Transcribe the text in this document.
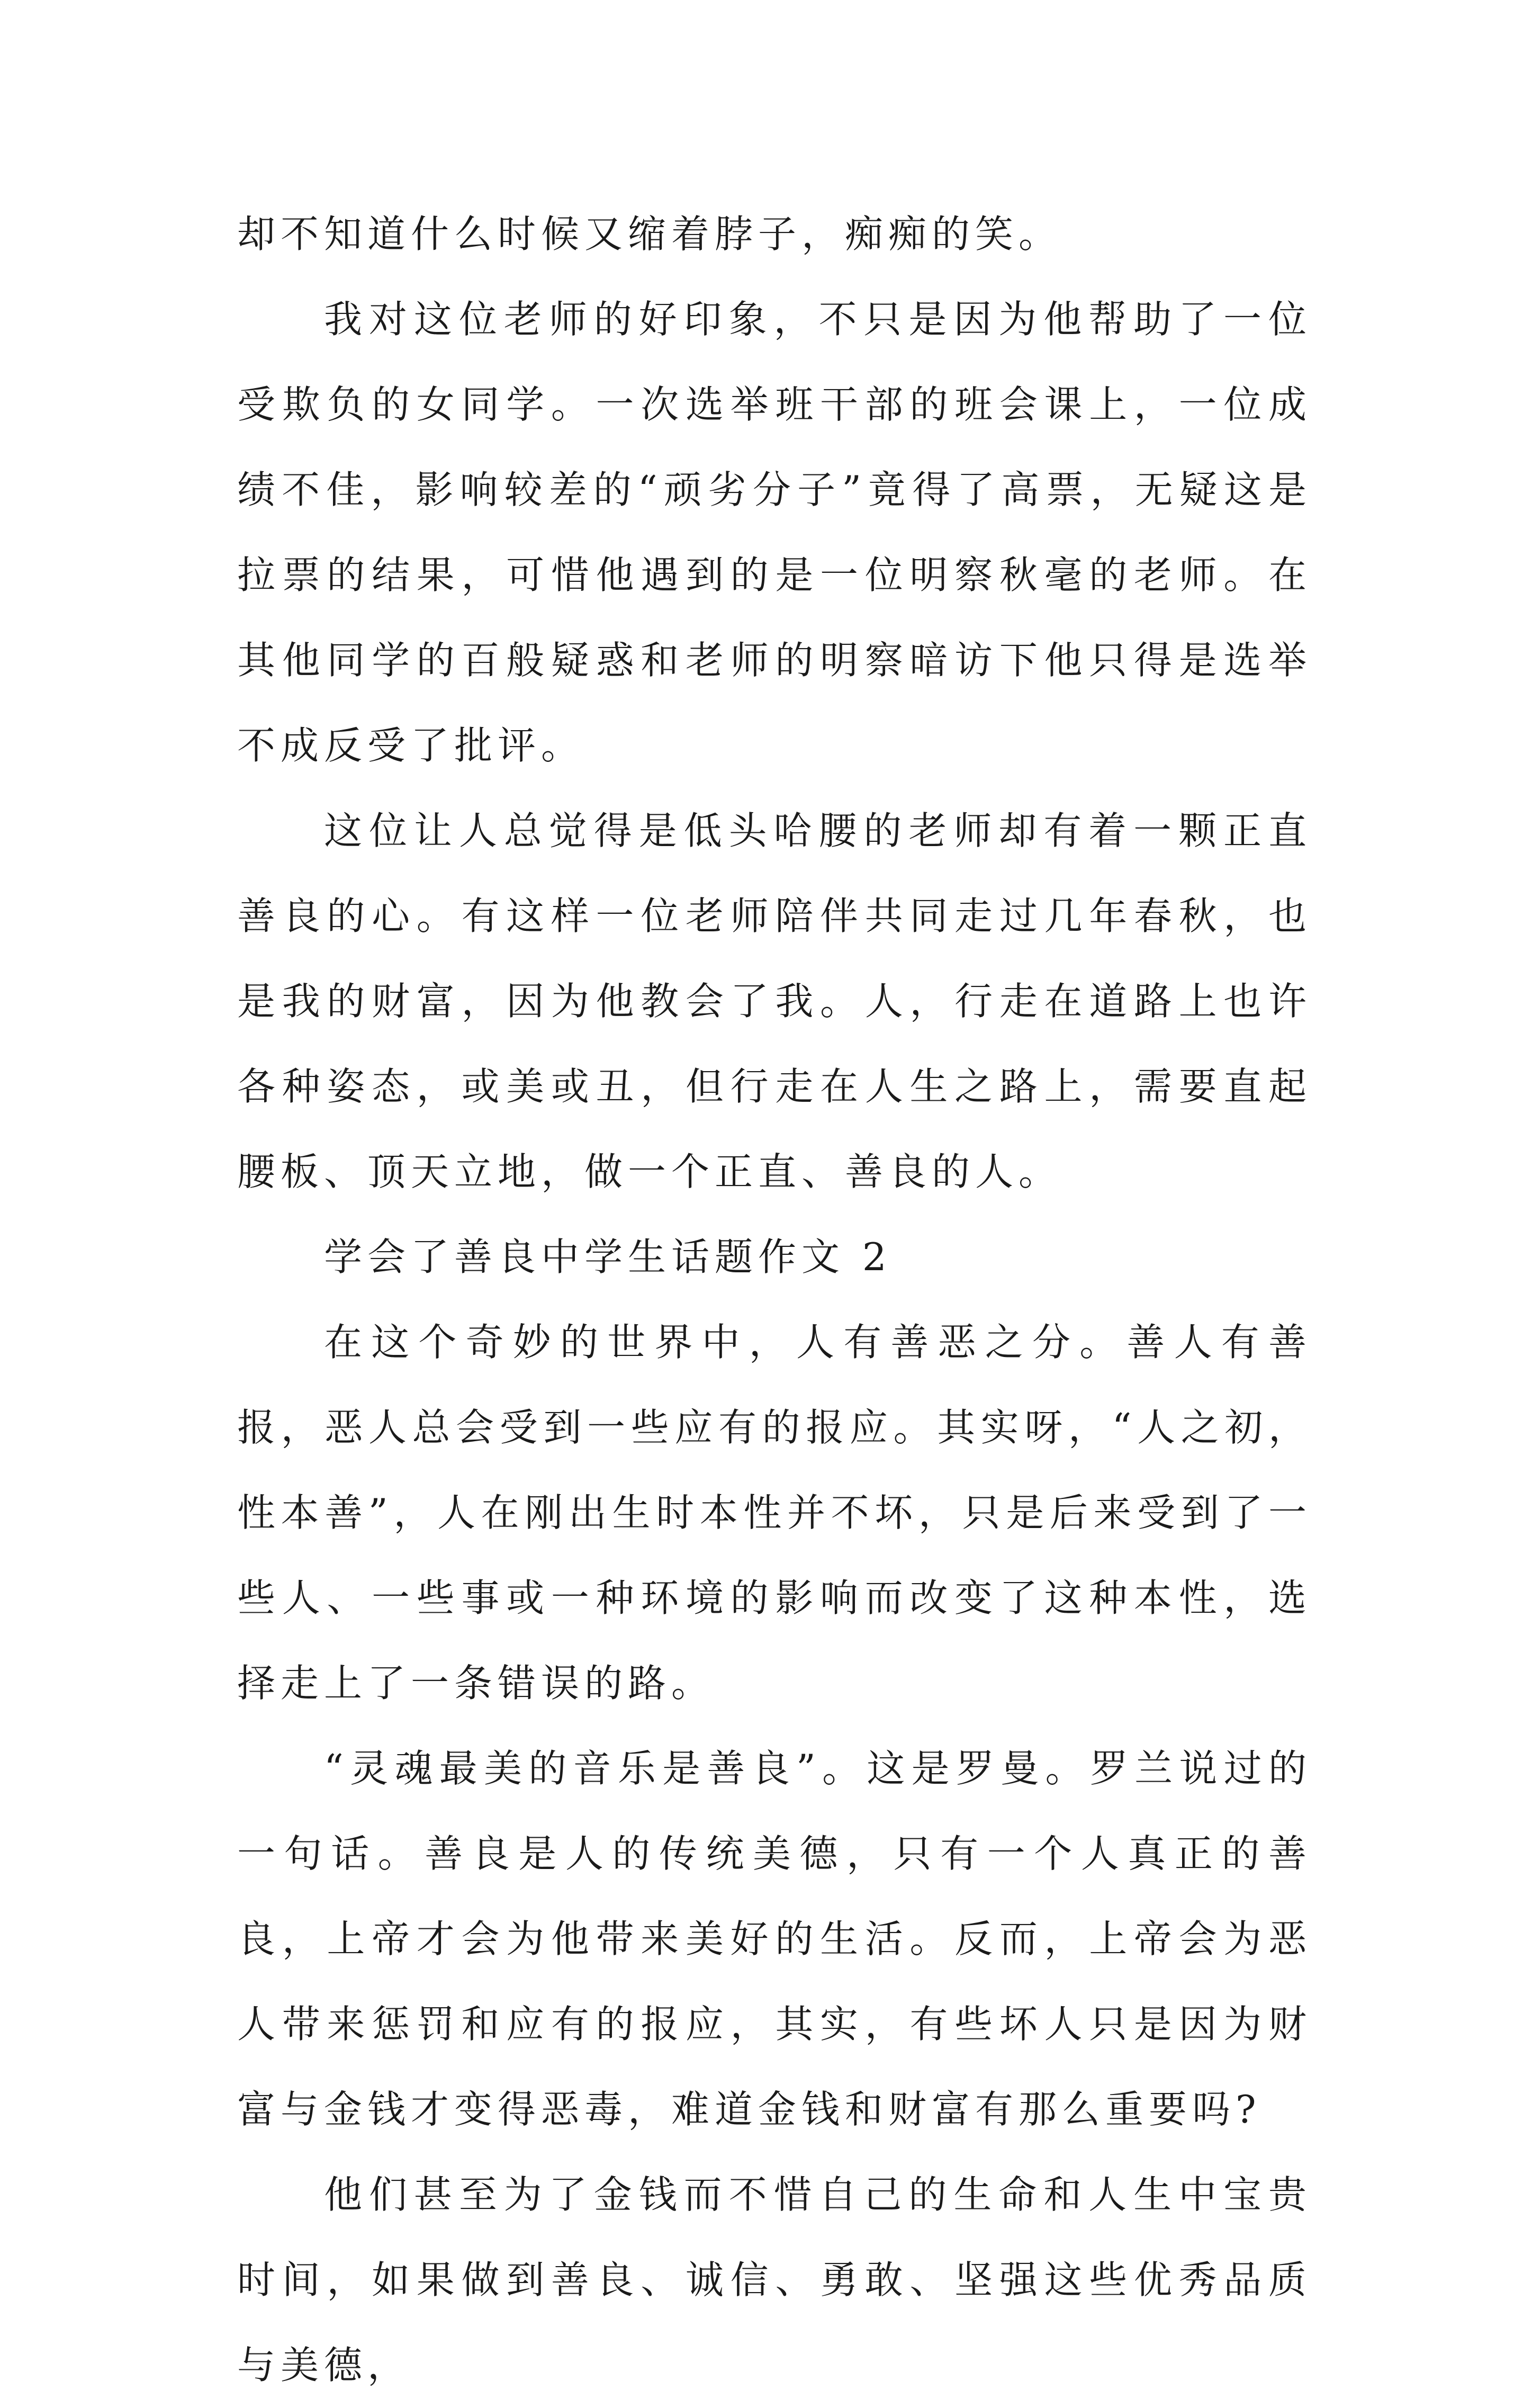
却不知道什么时候又缩着脖子，痴痴的笑。

我对这位老师的好印象，不只是因为他帮助了一位受欺负的女同学。一次选举班干部的班会课上，一位成绩不佳，影响较差的“顽劣分子”竟得了高票，无疑这是拉票的结果，可惜他遇到的是一位明察秋毫的老师。在其他同学的百般疑惑和老师的明察暗访下他只得是选举不成反受了批评。

这位让人总觉得是低头哈腰的老师却有着一颗正直善良的心。有这样一位老师陪伴共同走过几年春秋，也是我的财富，因为他教会了我。人，行走在道路上也许各种姿态，或美或丑，但行走在人生之路上，需要直起腰板、顶天立地，做一个正直、善良的人。

学会了善良中学生话题作文 2

在这个奇妙的世界中，人有善恶之分。善人有善报，恶人总会受到一些应有的报应。其实呀，“人之初，性本善”，人在刚出生时本性并不坏，只是后来受到了一些人、一些事或一种环境的影响而改变了这种本性，选择走上了一条错误的路。

“灵魂最美的音乐是善良”。这是罗曼。罗兰说过的一句话。善良是人的传统美德，只有一个人真正的善良，上帝才会为他带来美好的生活。反而，上帝会为恶人带来惩罚和应有的报应，其实，有些坏人只是因为财富与金钱才变得恶毒，难道金钱和财富有那么重要吗?

他们甚至为了金钱而不惜自己的生命和人生中宝贵时间，如果做到善良、诚信、勇敢、坚强这些优秀品质与美德，
